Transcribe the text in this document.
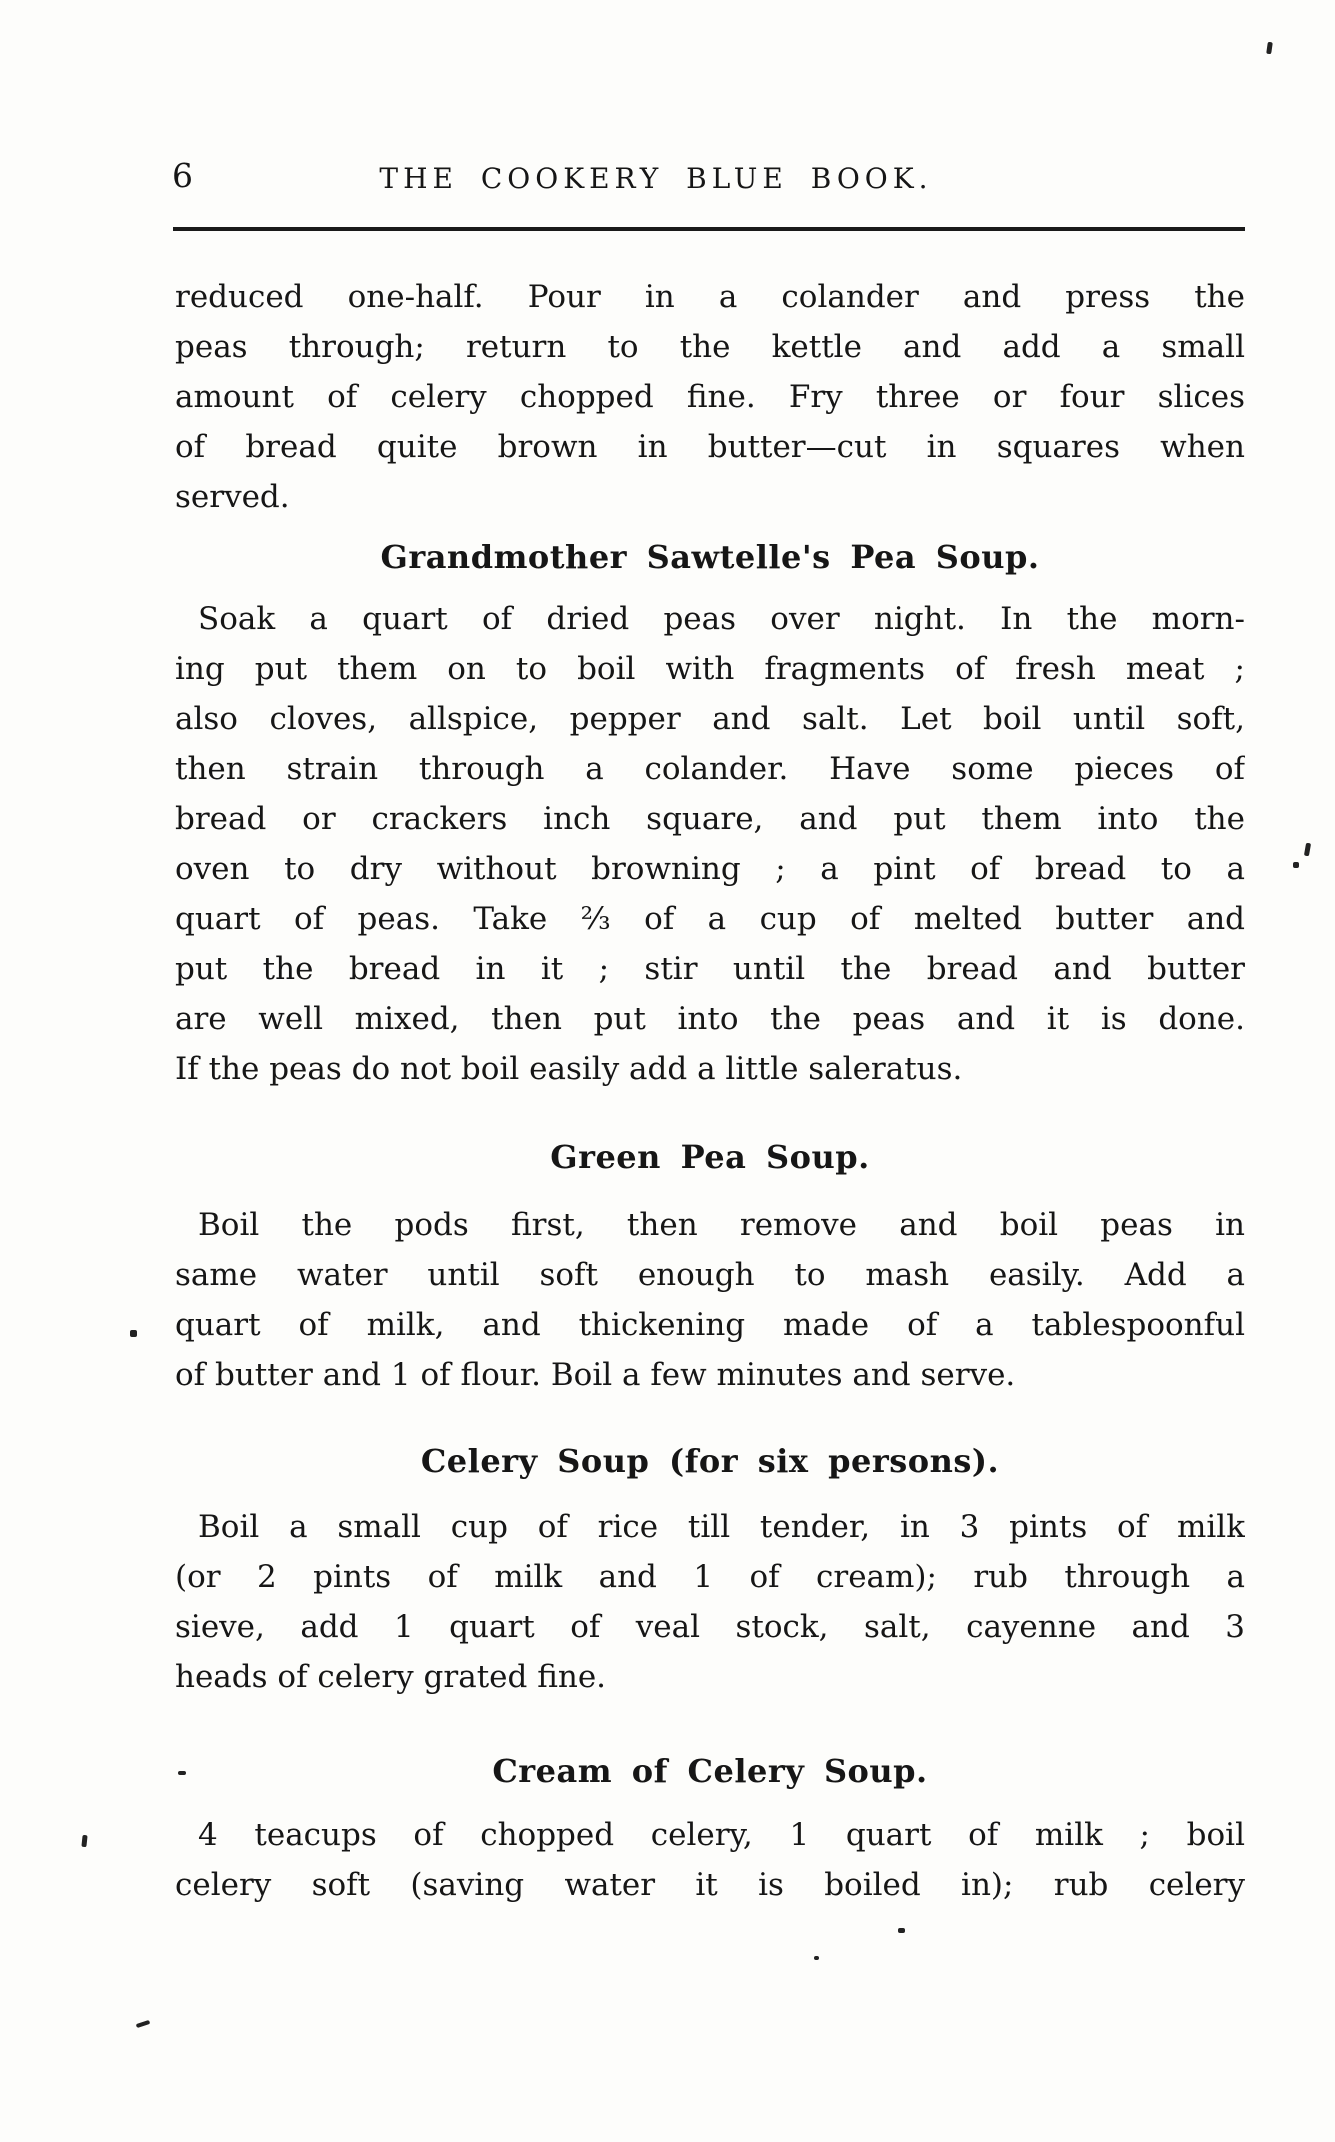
6	THE COOKERY BLUE BOOK.
reduced one-half. Pour in a colander and press the
peas through; return to the kettle and add a small
amount of celery chopped fine. Fry three or four slices
of bread quite brown in butter—cut in squares when
served.
Grandmother Sawtelle's Pea Soup.
Soak a quart of dried peas over night. In the morn-
ing put them on to boil with fragments of fresh meat ;
also cloves, allspice, pepper and salt. Let boil until soft,
then strain through a colander. Have some pieces of
bread or crackers inch square, and put them into the
oven to dry without browning ; a pint of bread to a
quart of peas. Take ⅔ of a cup of melted butter and
put the bread in it ; stir until the bread and butter
are well mixed, then put into the peas and it is done.
If the peas do not boil easily add a little saleratus.
Green Pea Soup.
Boil the pods first, then remove and boil peas in
same water until soft enough to mash easily. Add a
quart of milk, and thickening made of a tablespoonful
of butter and 1 of flour. Boil a few minutes and serve.
Celery Soup (for six persons).
Boil a small cup of rice till tender, in 3 pints of milk
(or 2 pints of milk and 1 of cream); rub through a
sieve, add 1 quart of veal stock, salt, cayenne and 3
heads of celery grated fine.
Cream of Celery Soup.
4 teacups of chopped celery, 1 quart of milk ; boil
celery soft (saving water it is boiled in); rub celery
